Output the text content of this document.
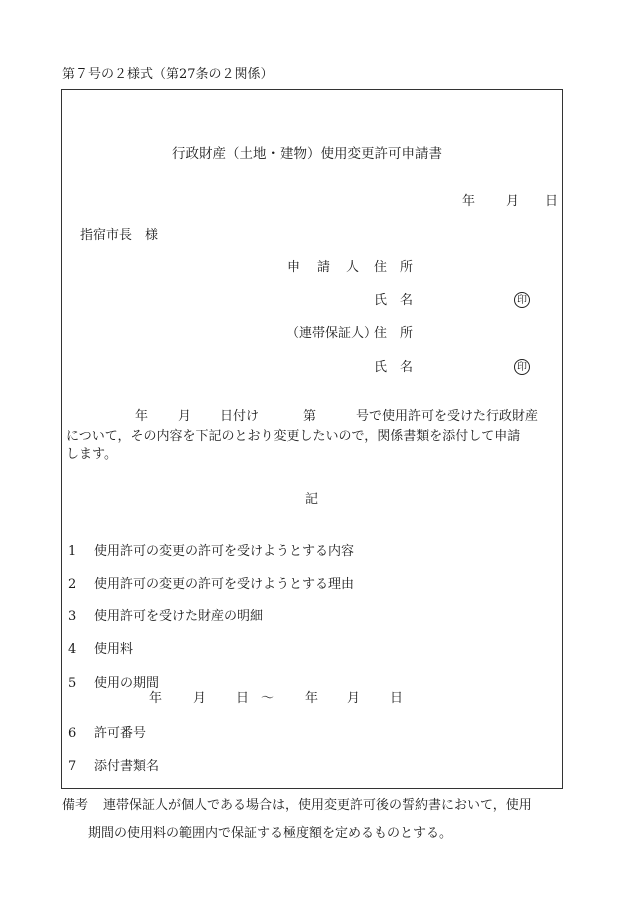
第７号の２様式（第27条の２関係）
行政財産（土地・建物）使用変更許可申請書
年 月 日
指宿市長　様
申 請 人 住　所
氏　名	印
（連帯保証人）
住　所
氏　名	印
年 月 日付け	第	号で使用許可を受けた行政財産
について，その内容を下記のとおり変更したいので，関係書類を添付して申請
します。
記
1 使用許可の変更の許可を受けようとする内容
2 使用許可の変更の許可を受けようとする理由
3 使用許可を受けた財産の明細
4 使用料
5 使用の期間
年 月 日 ～ 年 月 日
6 許可番号
7 添付書類名
備考 連帯保証人が個人である場合は，使用変更許可後の誓約書において，使用
期間の使用料の範囲内で保証する極度額を定めるものとする。
